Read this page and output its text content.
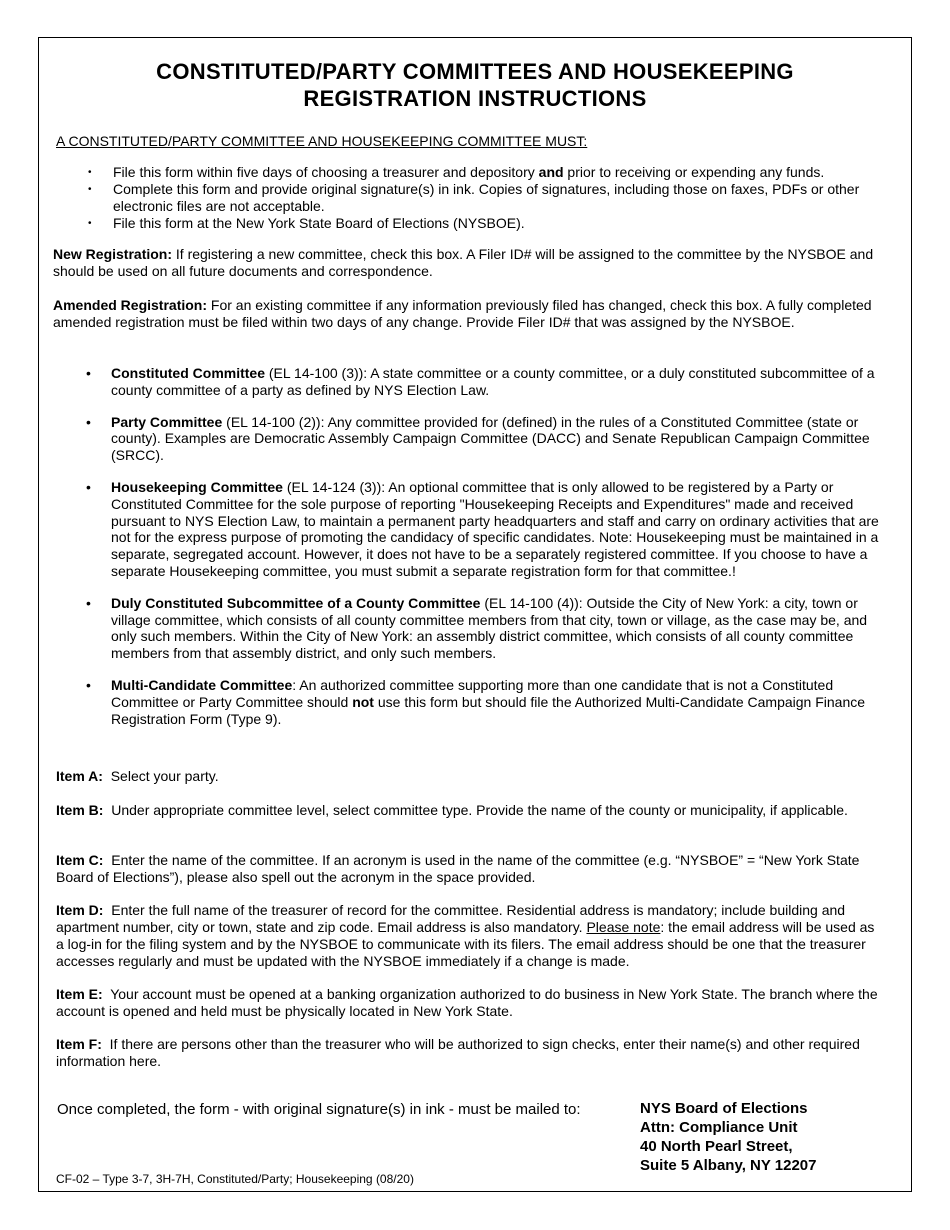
CONSTITUTED/PARTY COMMITTEES AND HOUSEKEEPING
REGISTRATION INSTRUCTIONS
A CONSTITUTED/PARTY COMMITTEE AND HOUSEKEEPING COMMITTEE MUST:
• File this form within five days of choosing a treasurer and depository and prior to receiving or expending any funds.
• Complete this form and provide original signature(s) in ink. Copies of signatures, including those on faxes, PDFs or other electronic files are not acceptable.
• File this form at the New York State Board of Elections (NYSBOE).
New Registration: If registering a new committee, check this box. A Filer ID# will be assigned to the committee by the NYSBOE and should be used on all future documents and correspondence.
Amended Registration: For an existing committee if any information previously filed has changed, check this box. A fully completed amended registration must be filed within two days of any change. Provide Filer ID# that was assigned by the NYSBOE.
• Constituted Committee (EL 14-100 (3)): A state committee or a county committee, or a duly constituted subcommittee of a county committee of a party as defined by NYS Election Law.
• Party Committee (EL 14-100 (2)): Any committee provided for (defined) in the rules of a Constituted Committee (state or county). Examples are Democratic Assembly Campaign Committee (DACC) and Senate Republican Campaign Committee (SRCC).
• Housekeeping Committee (EL 14-124 (3)): An optional committee that is only allowed to be registered by a Party or Constituted Committee for the sole purpose of reporting "Housekeeping Receipts and Expenditures" made and received pursuant to NYS Election Law, to maintain a permanent party headquarters and staff and carry on ordinary activities that are not for the express purpose of promoting the candidacy of specific candidates. Note: Housekeeping must be maintained in a separate, segregated account. However, it does not have to be a separately registered committee. If you choose to have a separate Housekeeping committee, you must submit a separate registration form for that committee.!
• Duly Constituted Subcommittee of a County Committee (EL 14-100 (4)): Outside the City of New York: a city, town or village committee, which consists of all county committee members from that city, town or village, as the case may be, and only such members. Within the City of New York: an assembly district committee, which consists of all county committee members from that assembly district, and only such members.
• Multi-Candidate Committee: An authorized committee supporting more than one candidate that is not a Constituted Committee or Party Committee should not use this form but should file the Authorized Multi-Candidate Campaign Finance Registration Form (Type 9).
Item A:  Select your party.
Item B:  Under appropriate committee level, select committee type. Provide the name of the county or municipality, if applicable.
Item C:  Enter the name of the committee. If an acronym is used in the name of the committee (e.g. “NYSBOE” = “New York State Board of Elections”), please also spell out the acronym in the space provided.
Item D:  Enter the full name of the treasurer of record for the committee. Residential address is mandatory; include building and apartment number, city or town, state and zip code. Email address is also mandatory. Please note: the email address will be used as a log-in for the filing system and by the NYSBOE to communicate with its filers. The email address should be one that the treasurer accesses regularly and must be updated with the NYSBOE immediately if a change is made.
Item E:  Your account must be opened at a banking organization authorized to do business in New York State. The branch where the account is opened and held must be physically located in New York State.
Item F:  If there are persons other than the treasurer who will be authorized to sign checks, enter their name(s) and other required information here.
Once completed, the form - with original signature(s) in ink - must be mailed to:	NYS Board of Elections
Attn: Compliance Unit
40 North Pearl Street,
Suite 5 Albany, NY 12207
CF-02 – Type 3-7, 3H-7H, Constituted/Party; Housekeeping (08/20)
